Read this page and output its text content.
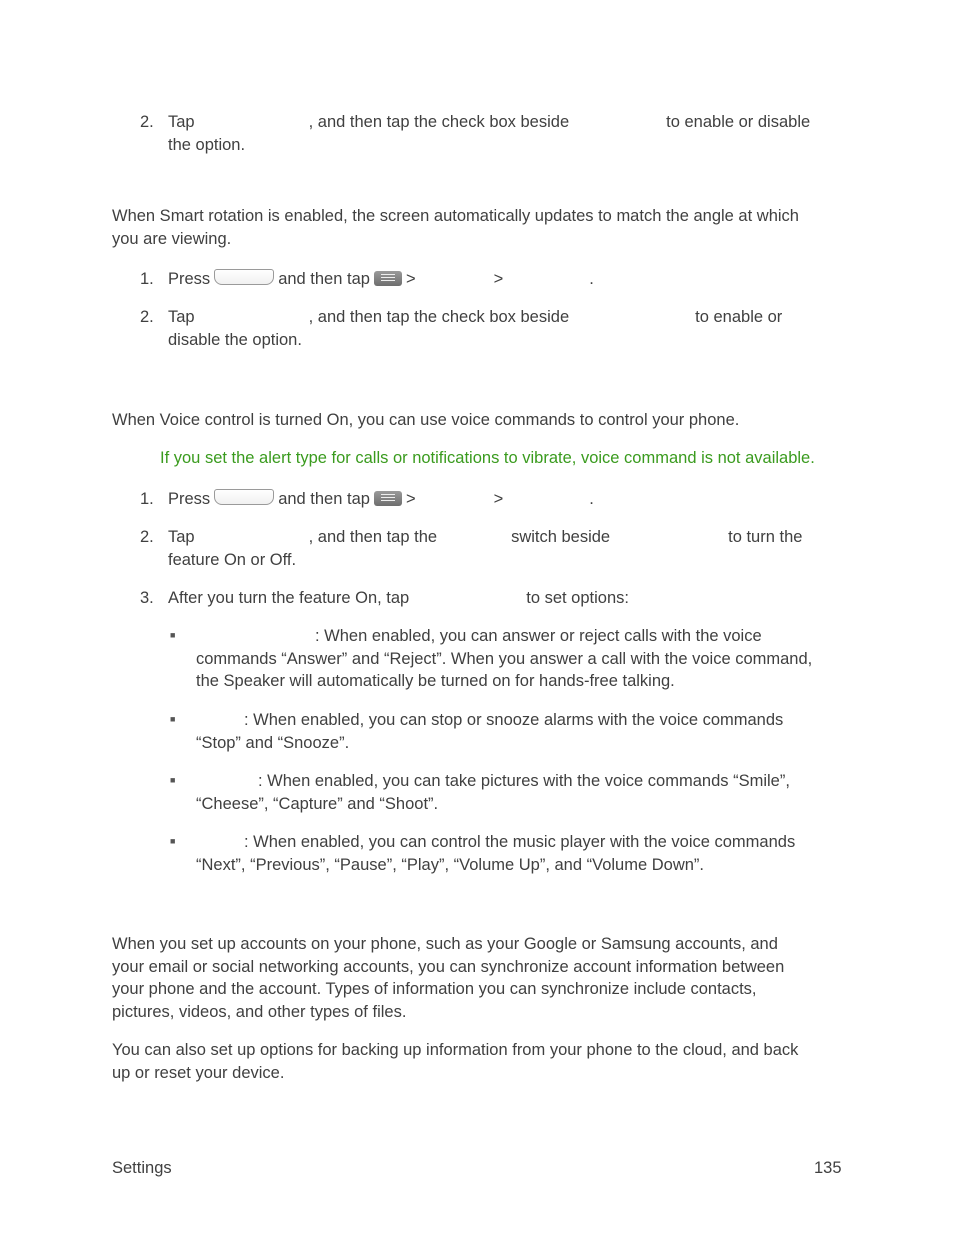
2. Tap	, and then tap the check box beside	to enable or disable
the option.
When Smart rotation is enabled, the screen automatically updates to match the angle at which
you are viewing.
1. Press	and then tap >	>	.
2. Tap	, and then tap the check box beside	to enable or
disable the option.
When Voice control is turned On, you can use voice commands to control your phone.
If you set the alert type for calls or notifications to vibrate, voice command is not available.
1. Press	and then tap >	>	.
2. Tap	, and then tap the	switch beside	to turn the
feature On or Off.
3. After you turn the feature On, tap	to set options:
■	: When enabled, you can answer or reject calls with the voice
commands “Answer” and “Reject”. When you answer a call with the voice command,
the Speaker will automatically be turned on for hands-free talking.
■	: When enabled, you can stop or snooze alarms with the voice commands
“Stop” and “Snooze”.
■	: When enabled, you can take pictures with the voice commands “Smile”,
“Cheese”, “Capture” and “Shoot”.
■	: When enabled, you can control the music player with the voice commands
“Next”, “Previous”, “Pause”, “Play”, “Volume Up”, and “Volume Down”.
When you set up accounts on your phone, such as your Google or Samsung accounts, and
your email or social networking accounts, you can synchronize account information between
your phone and the account. Types of information you can synchronize include contacts,
pictures, videos, and other types of files.
You can also set up options for backing up information from your phone to the cloud, and back
up or reset your device.
Settings	135
